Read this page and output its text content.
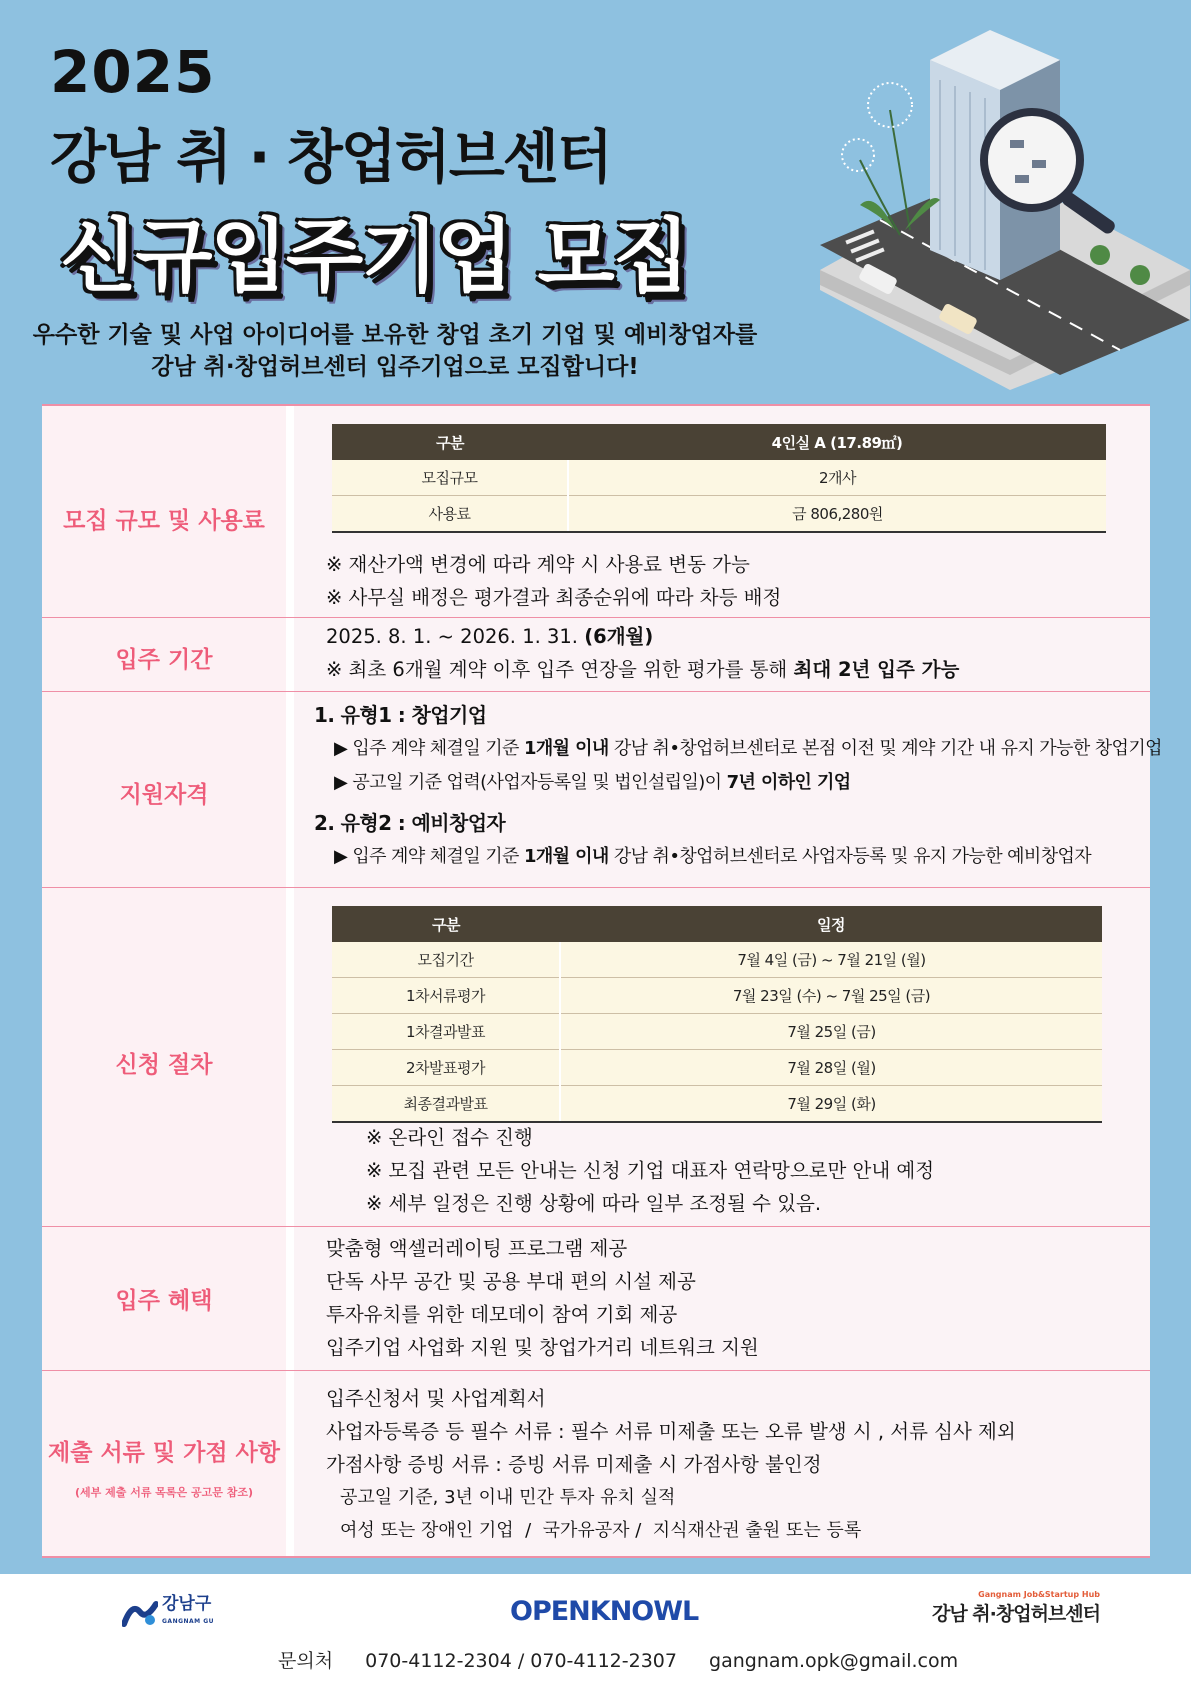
2025
강남 취 · 창업허브센터
신규입주기업 모집
우수한 기술 및 사업 아이디어를 보유한 창업 초기 기업 및 예비창업자를
강남 취·창업허브센터 입주기업으로 모집합니다!
모집 규모 및 사용료
구분	4인실 A (17.89㎡)
모집규모	2개사
사용료	금 806,280원
※ 재산가액 변경에 따라 계약 시 사용료 변동 가능
※ 사무실 배정은 평가결과 최종순위에 따라 차등 배정
입주 기간
2025. 8. 1. ~ 2026. 1. 31. (6개월)
※ 최초 6개월 계약 이후 입주 연장을 위한 평가를 통해 최대 2년 입주 가능
지원자격
1. 유형1 : 창업기업
▶ 입주 계약 체결일 기준 1개월 이내 강남 취•창업허브센터로 본점 이전 및 계약 기간 내 유지 가능한 창업기업
▶ 공고일 기준 업력(사업자등록일 및 법인설립일)이 7년 이하인 기업
2. 유형2 : 예비창업자
▶ 입주 계약 체결일 기준 1개월 이내 강남 취•창업허브센터로 사업자등록 및 유지 가능한 예비창업자
신청 절차
구분	일정
모집기간	7월 4일 (금) ~ 7월 21일 (월)
1차서류평가	7월 23일 (수) ~ 7월 25일 (금)
1차결과발표	7월 25일 (금)
2차발표평가	7월 28일 (월)
최종결과발표	7월 29일 (화)
※ 온라인 접수 진행
※ 모집 관련 모든 안내는 신청 기업 대표자 연락망으로만 안내 예정
※ 세부 일정은 진행 상황에 따라 일부 조정될 수 있음.
입주 혜택
맞춤형 액셀러레이팅 프로그램 제공
단독 사무 공간 및 공용 부대 편의 시설 제공
투자유치를 위한 데모데이 참여 기회 제공
입주기업 사업화 지원 및 창업가거리 네트워크 지원
제출 서류 및 가점 사항
(세부 제출 서류 목록은 공고문 참조)
입주신청서 및 사업계획서
사업자등록증 등 필수 서류 : 필수 서류 미제출 또는 오류 발생 시 , 서류 심사 제외
가점사항 증빙 서류 : 증빙 서류 미제출 시 가점사항 불인정
공고일 기준, 3년 이내 민간 투자 유치 실적
여성 또는 장애인 기업  /  국가유공자 /  지식재산권 출원 또는 등록
강남구
GANGNAM GU	OPENKNOWL
Gangnam Job&Startup Hub
강남 취·창업허브센터
문의처 070-4112-2304 / 070-4112-2307 gangnam.opk@gmail.com
